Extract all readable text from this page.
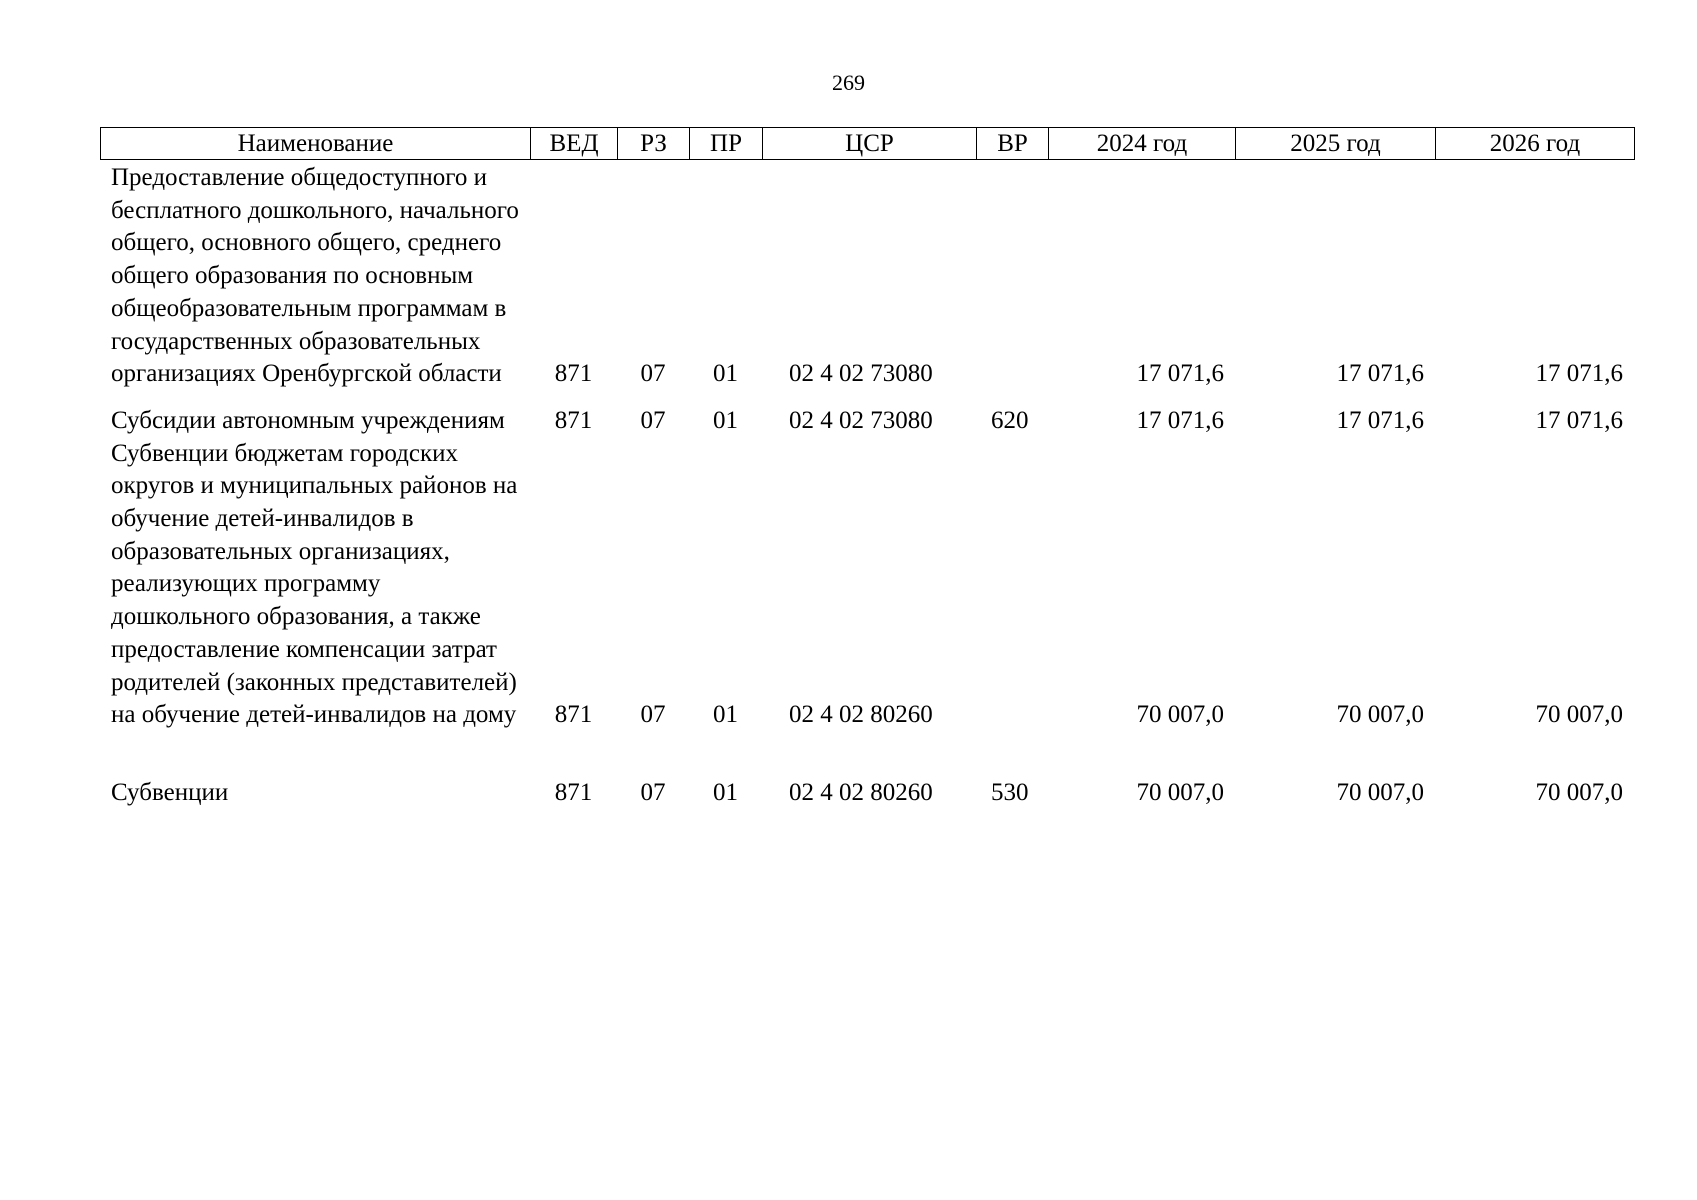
269
Наименование	ВЕД	РЗ	ПР	ЦСР	ВР	2024 год	2025 год	2026 год
Предоставление общедоступного и бесплатного дошкольного, начального общего, основного общего, среднего общего образования по основным общеобразовательным программам в государственных образовательных организациях Оренбургской области	871	07	01	02 4 02 73080		17 071,6	17 071,6	17 071,6

Субсидии автономным учреждениям	871	07	01	02 4 02 73080	620	17 071,6	17 071,6	17 071,6
Субвенции бюджетам городских округов и муниципальных районов на обучение детей-инвалидов в образовательных организациях, реализующих программу дошкольного образования, а также предоставление компенсации затрат родителей (законных представителей) на обучение детей-инвалидов на дому	871	07	01	02 4 02 80260		70 007,0	70 007,0	70 007,0

Субвенции	871	07	01	02 4 02 80260	530	70 007,0	70 007,0	70 007,0
